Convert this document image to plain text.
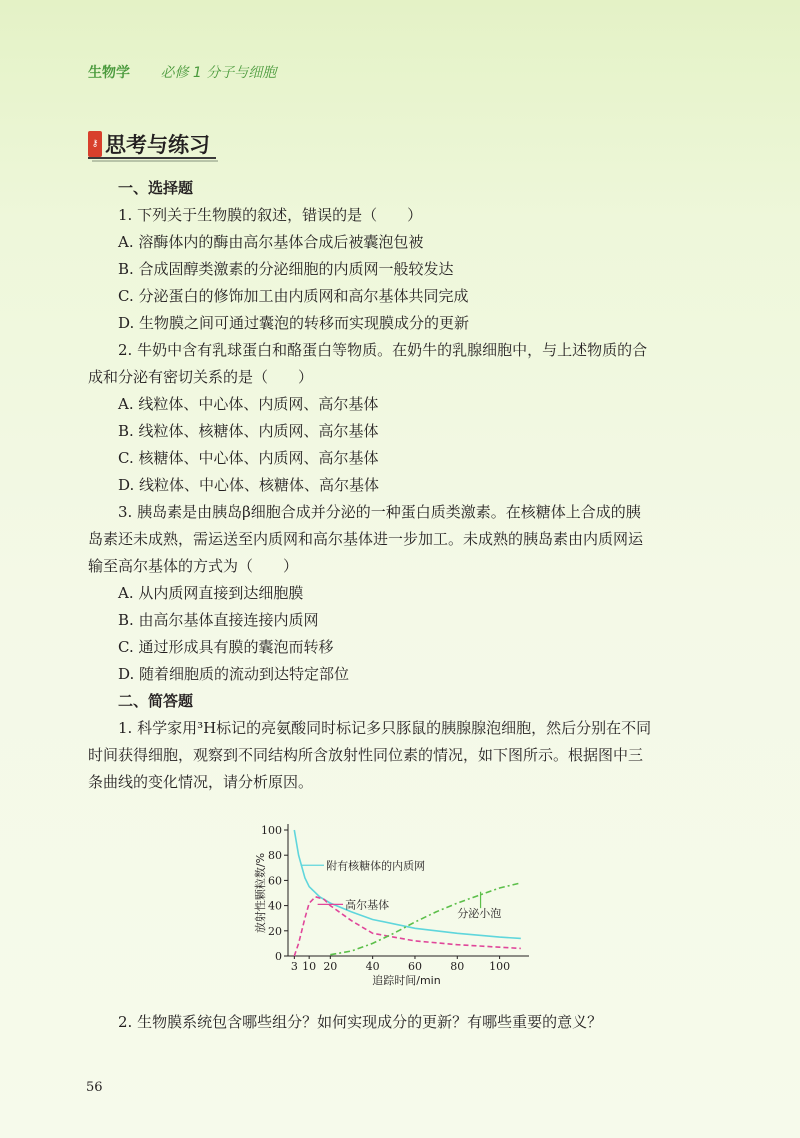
生物学 必修 1 分子与细胞
⚷ 思考与练习
一、选择题
1. 下列关于生物膜的叙述，错误的是（　　）
A. 溶酶体内的酶由高尔基体合成后被囊泡包被
B. 合成固醇类激素的分泌细胞的内质网一般较发达
C. 分泌蛋白的修饰加工由内质网和高尔基体共同完成
D. 生物膜之间可通过囊泡的转移而实现膜成分的更新
2. 牛奶中含有乳球蛋白和酪蛋白等物质。在奶牛的乳腺细胞中，与上述物质的合
成和分泌有密切关系的是（　　）
A. 线粒体、中心体、内质网、高尔基体
B. 线粒体、核糖体、内质网、高尔基体
C. 核糖体、中心体、内质网、高尔基体
D. 线粒体、中心体、核糖体、高尔基体
3. 胰岛素是由胰岛β细胞合成并分泌的一种蛋白质类激素。在核糖体上合成的胰
岛素还未成熟，需运送至内质网和高尔基体进一步加工。未成熟的胰岛素由内质网运
输至高尔基体的方式为（　　）
A. 从内质网直接到达细胞膜
B. 由高尔基体直接连接内质网
C. 通过形成具有膜的囊泡而转移
D. 随着细胞质的流动到达特定部位
二、简答题
1. 科学家用³H标记的亮氨酸同时标记多只豚鼠的胰腺腺泡细胞，然后分别在不同
时间获得细胞，观察到不同结构所含放射性同位素的情况，如下图所示。根据图中三
条曲线的变化情况，请分析原因。
2. 生物膜系统包含哪些组分？如何实现成分的更新？有哪些重要的意义？
0
20
40
60
80
100
3 10 20	40	60	80 100
追踪时间/min
放射性颗粒数/%	附有核糖体的内质网
高尔基体
分泌小泡
56
